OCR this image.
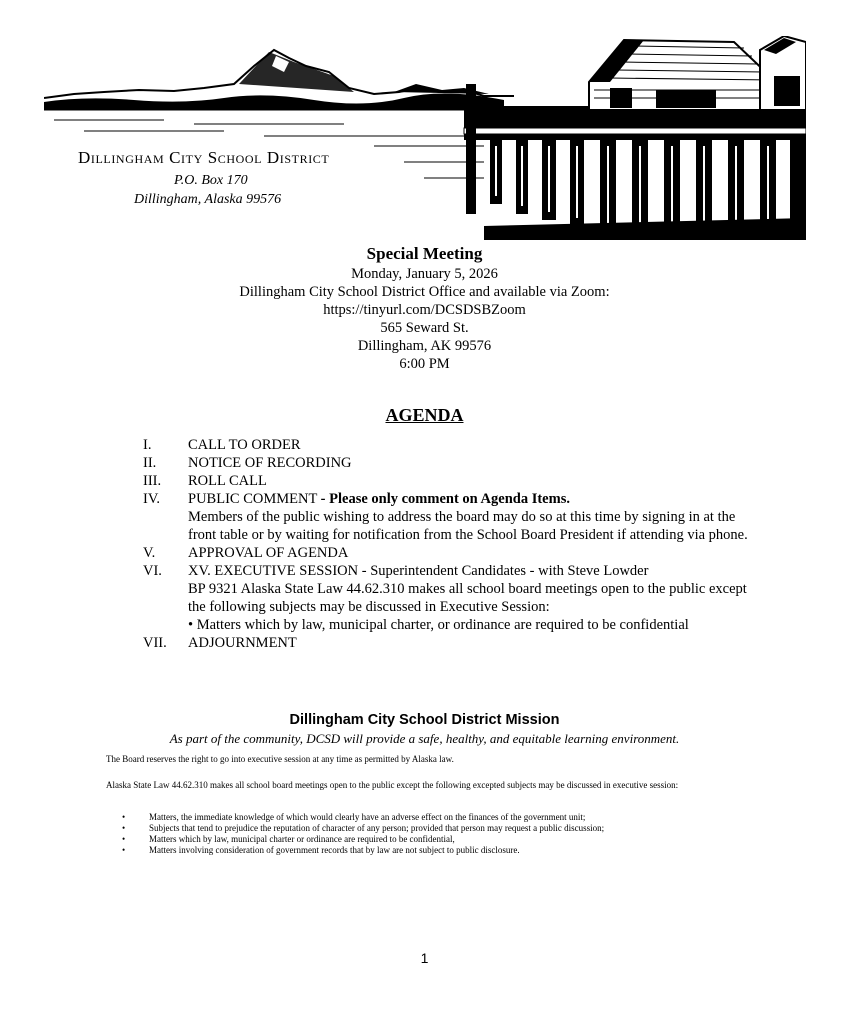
Dillingham City School District
P.O. Box 170
Dillingham, Alaska 99576
Special Meeting
Monday, January 5, 2026
Dillingham City School District Office and available via Zoom:
https://tinyurl.com/DCSDSBZoom
565 Seward St.
Dillingham, AK 99576
6:00 PM
AGENDA
I.	CALL TO ORDER
II.	NOTICE OF RECORDING
III.	ROLL CALL
IV.	PUBLIC COMMENT - Please only comment on Agenda Items.
Members of the public wishing to address the board may do so at this time by signing in at the front table or by waiting for notification from the School Board President if attending via phone.
V.	APPROVAL OF AGENDA
VI.	XV. EXECUTIVE SESSION - Superintendent Candidates - with Steve Lowder
BP 9321 Alaska State Law 44.62.310 makes all school board meetings open to the public except the following subjects may be discussed in Executive Session:
• Matters which by law, municipal charter, or ordinance are required to be confidential
VII.	ADJOURNMENT
Dillingham City School District Mission
As part of the community, DCSD will provide a safe, healthy, and equitable learning environment.
The Board reserves the right to go into executive session at any time as permitted by Alaska law.
Alaska State Law 44.62.310 makes all school board meetings open to the public except the following excepted subjects may be discussed in executive session:
•	Matters, the immediate knowledge of which would clearly have an adverse effect on the finances of the government unit;
•	Subjects that tend to prejudice the reputation of character of any person; provided that person may request a public discussion;
•	Matters which by law, municipal charter or ordinance are required to be confidential,
•	Matters involving consideration of government records that by law are not subject to public disclosure.
1
